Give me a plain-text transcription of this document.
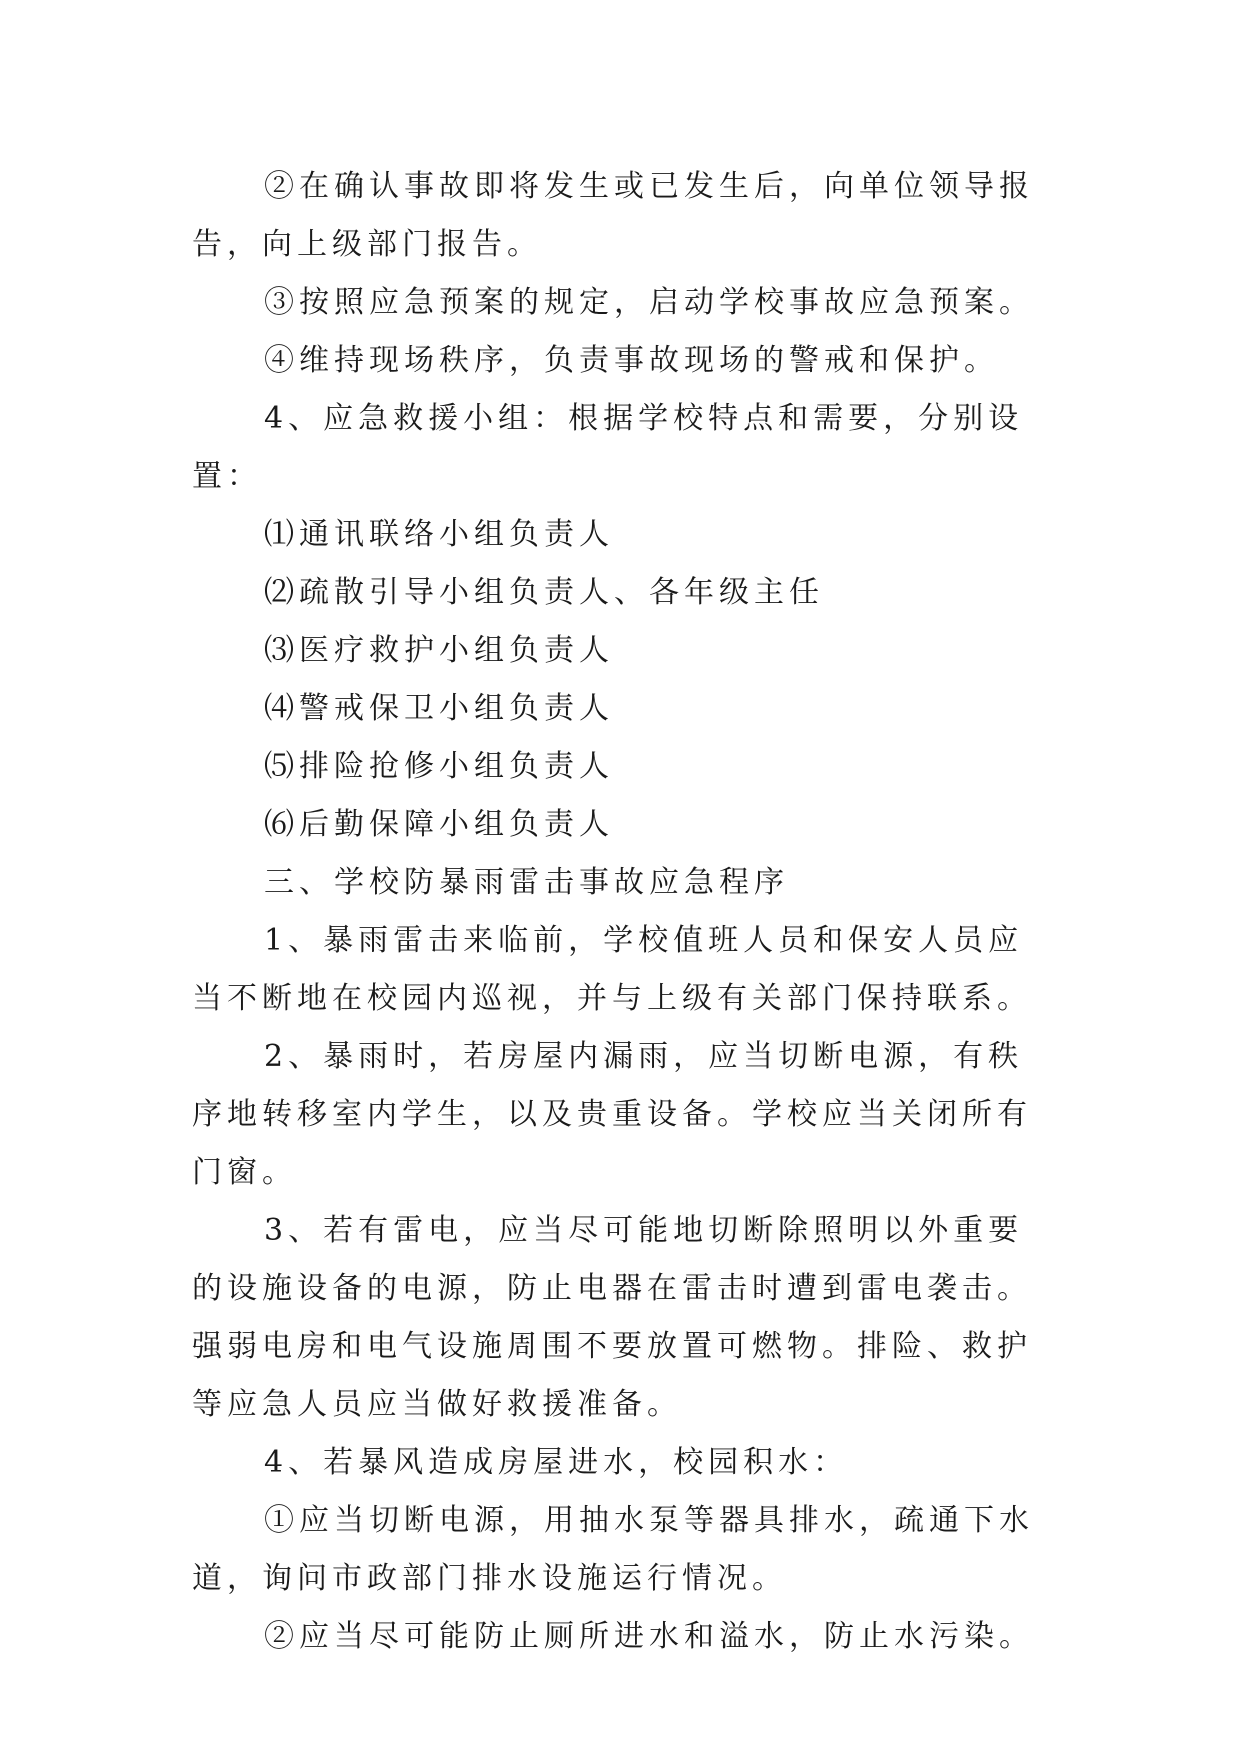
②在确认事故即将发生或已发生后，向单位领导报告，向上级部门报告。

③按照应急预案的规定，启动学校事故应急预案。

④维持现场秩序，负责事故现场的警戒和保护。

4、应急救援小组：根据学校特点和需要，分别设置：

⑴通讯联络小组负责人

⑵疏散引导小组负责人、各年级主任

⑶医疗救护小组负责人

⑷警戒保卫小组负责人

⑸排险抢修小组负责人

⑹后勤保障小组负责人

三、学校防暴雨雷击事故应急程序

1、暴雨雷击来临前，学校值班人员和保安人员应当不断地在校园内巡视，并与上级有关部门保持联系。

2、暴雨时，若房屋内漏雨，应当切断电源，有秩序地转移室内学生，以及贵重设备。学校应当关闭所有门窗。

3、若有雷电，应当尽可能地切断除照明以外重要的设施设备的电源，防止电器在雷击时遭到雷电袭击。强弱电房和电气设施周围不要放置可燃物。排险、救护等应急人员应当做好救援准备。

4、若暴风造成房屋进水，校园积水：

①应当切断电源，用抽水泵等器具排水，疏通下水道，询问市政部门排水设施运行情况。

②应当尽可能防止厕所进水和溢水，防止水污染。
